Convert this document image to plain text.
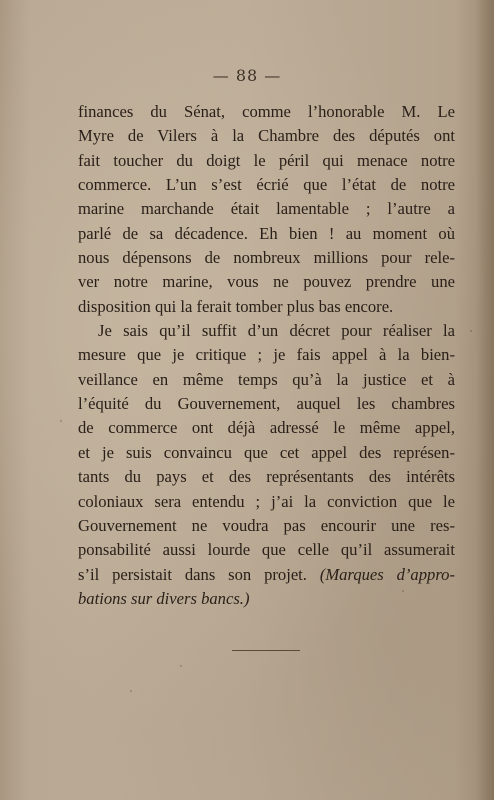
— 88 —
finances du Sénat, comme l’honorable M. Le
Myre de Vilers à la Chambre des députés ont
fait toucher du doigt le péril qui menace notre
commerce. L’un s’est écrié que l’état de notre
marine marchande était lamentable ; l’autre a
parlé de sa décadence. Eh bien ! au moment où
nous dépensons de nombreux millions pour rele-
ver notre marine, vous ne pouvez prendre une
disposition qui la ferait tomber plus bas encore.
Je sais qu’il suffit d’un décret pour réaliser la
mesure que je critique ; je fais appel à la bien-
veillance en même temps qu’à la justice et à
l’équité du Gouvernement, auquel les chambres
de commerce ont déjà adressé le même appel,
et je suis convaincu que cet appel des représen-
tants du pays et des représentants des intérêts
coloniaux sera entendu ; j’ai la conviction que le
Gouvernement ne voudra pas encourir une res-
ponsabilité aussi lourde que celle qu’il assumerait
s’il persistait dans son projet. (Marques d’appro-
bations sur divers bancs.)
